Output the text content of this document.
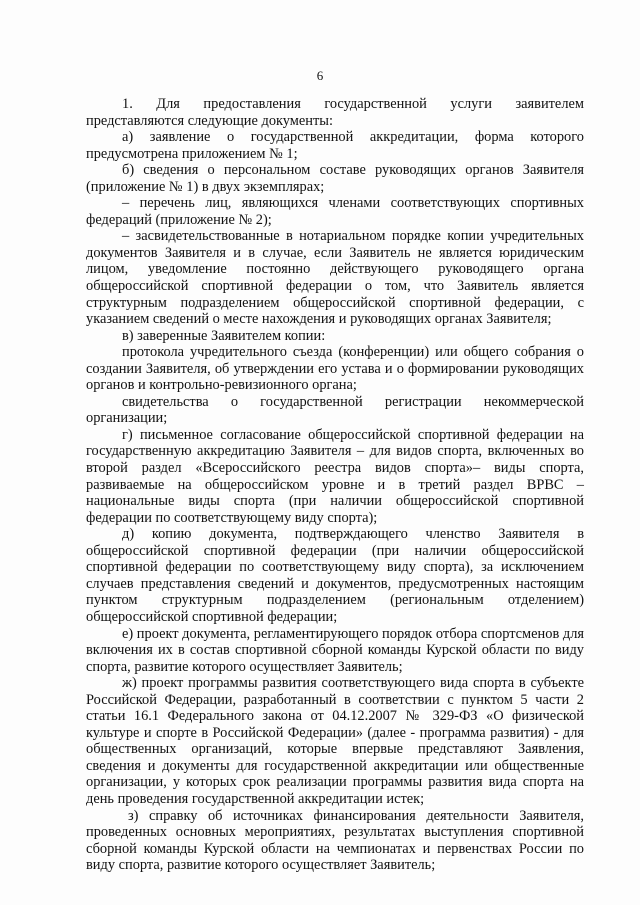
6

1. Для предоставления государственной услуги заявителем представляются следующие документы:

а) заявление о государственной аккредитации, форма которого предусмотрена приложением № 1;

б) сведения о персональном составе руководящих органов Заявителя (приложение № 1) в двух экземплярах;

– перечень лиц, являющихся членами соответствующих спортивных федераций (приложение № 2);

– засвидетельствованные в нотариальном порядке копии учредительных документов Заявителя и в случае, если Заявитель не является юридическим лицом, уведомление постоянно действующего руководящего органа общероссийской спортивной федерации о том, что Заявитель является структурным подразделением общероссийской спортивной федерации, с указанием сведений о месте нахождения и руководящих органах Заявителя;

в) заверенные Заявителем копии:

протокола учредительного съезда (конференции) или общего собрания о создании Заявителя, об утверждении его устава и о формировании руководящих органов и контрольно-ревизионного органа;

свидетельства о государственной регистрации некоммерческой организации;

г) письменное согласование общероссийской спортивной федерации на государственную аккредитацию Заявителя – для видов спорта, включенных во второй раздел «Всероссийского реестра видов спорта»– виды спорта, развиваемые на общероссийском уровне и в третий раздел ВРВС – национальные виды спорта (при наличии общероссийской спортивной федерации по соответствующему виду спорта);

д) копию документа, подтверждающего членство Заявителя в общероссийской спортивной федерации (при наличии общероссийской спортивной федерации по соответствующему виду спорта), за исключением случаев представления сведений и документов, предусмотренных настоящим пунктом структурным подразделением (региональным отделением) общероссийской спортивной федерации;

е) проект документа, регламентирующего порядок отбора спортсменов для включения их в состав спортивной сборной команды Курской области по виду спорта, развитие которого осуществляет Заявитель;

ж) проект программы развития соответствующего вида спорта в субъекте Российской Федерации, разработанный в соответствии с пунктом 5 части 2 статьи 16.1 Федерального закона от 04.12.2007 № 329-ФЗ «О физической культуре и спорте в Российской Федерации» (далее - программа развития) - для общественных организаций, которые впервые представляют Заявления, сведения и документы для государственной аккредитации или общественные организации, у которых срок реализации программы развития вида спорта на день проведения государственной аккредитации истек;

з) справку об источниках финансирования деятельности Заявителя, проведенных основных мероприятиях, результатах выступления спортивной сборной команды Курской области на чемпионатах и первенствах России по виду спорта, развитие которого осуществляет Заявитель;
